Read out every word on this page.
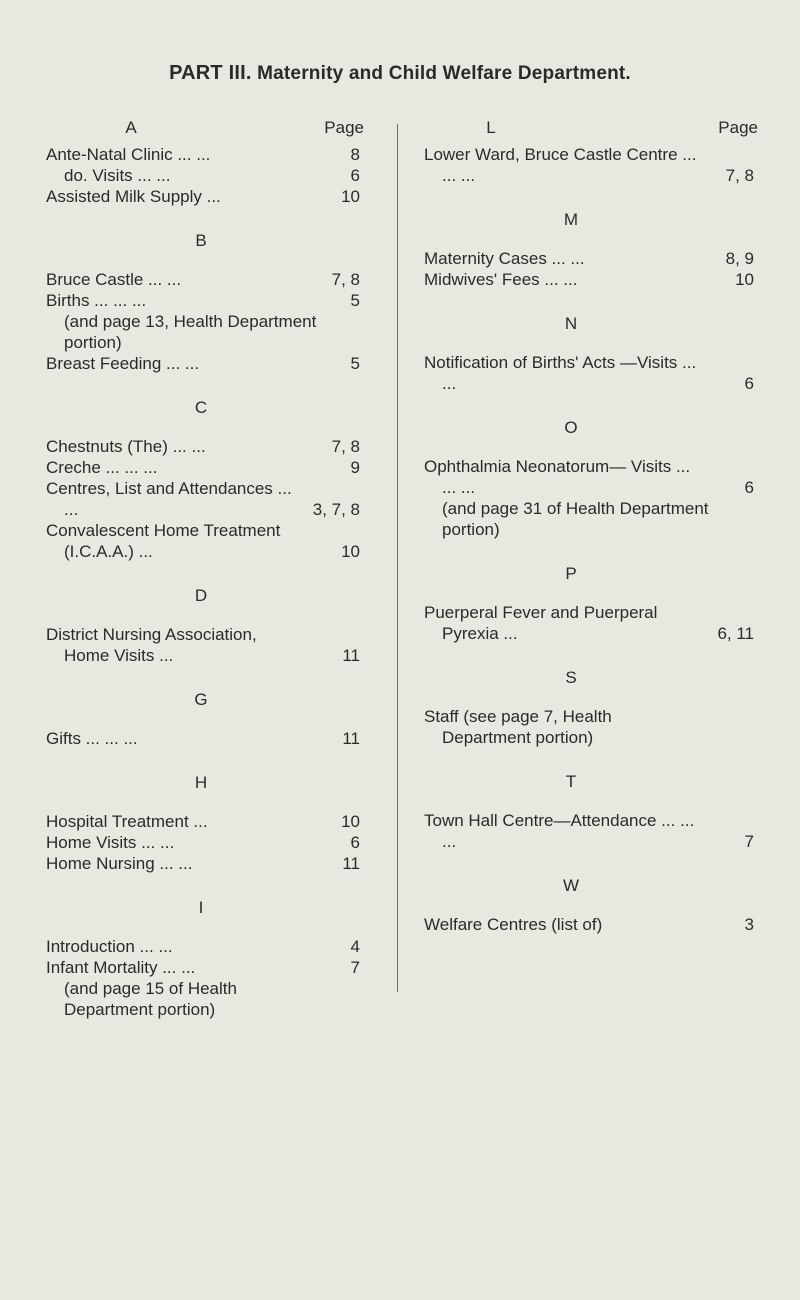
PART III. Maternity and Child Welfare Department.
A	Page
Ante-Natal Clinic ... ...	8
do. Visits ... ...	6
Assisted Milk Supply ...	10
B
Bruce Castle ... ...	7, 8
Births ... ... ...	5
(and page 13, Health Department portion)
Breast Feeding ... ...	5
C
Chestnuts (The) ... ...	7, 8
Creche ... ... ...	9
Centres, List and Attendances ... ...	3, 7, 8
Convalescent Home Treatment (I.C.A.A.) ...	10
D
District Nursing Association, Home Visits ...	11
G
Gifts ... ... ...	11
H
Hospital Treatment ...	10
Home Visits ... ...	6
Home Nursing ... ...	11
I
Introduction ... ...	4
Infant Mortality ... ...	7
(and page 15 of Health Department portion)
L	Page
Lower Ward, Bruce Castle Centre ... ... ...	7, 8
M
Maternity Cases ... ...	8, 9
Midwives' Fees ... ...	10
N
Notification of Births' Acts —Visits ... ...	6
O
Ophthalmia Neonatorum— Visits ... ... ...	6
(and page 31 of Health Department portion)
P
Puerperal Fever and Puerperal Pyrexia ...	6, 11
S
Staff (see page 7, Health Department portion)
T
Town Hall Centre—Attendance ... ... ...	7
W
Welfare Centres (list of)	3
